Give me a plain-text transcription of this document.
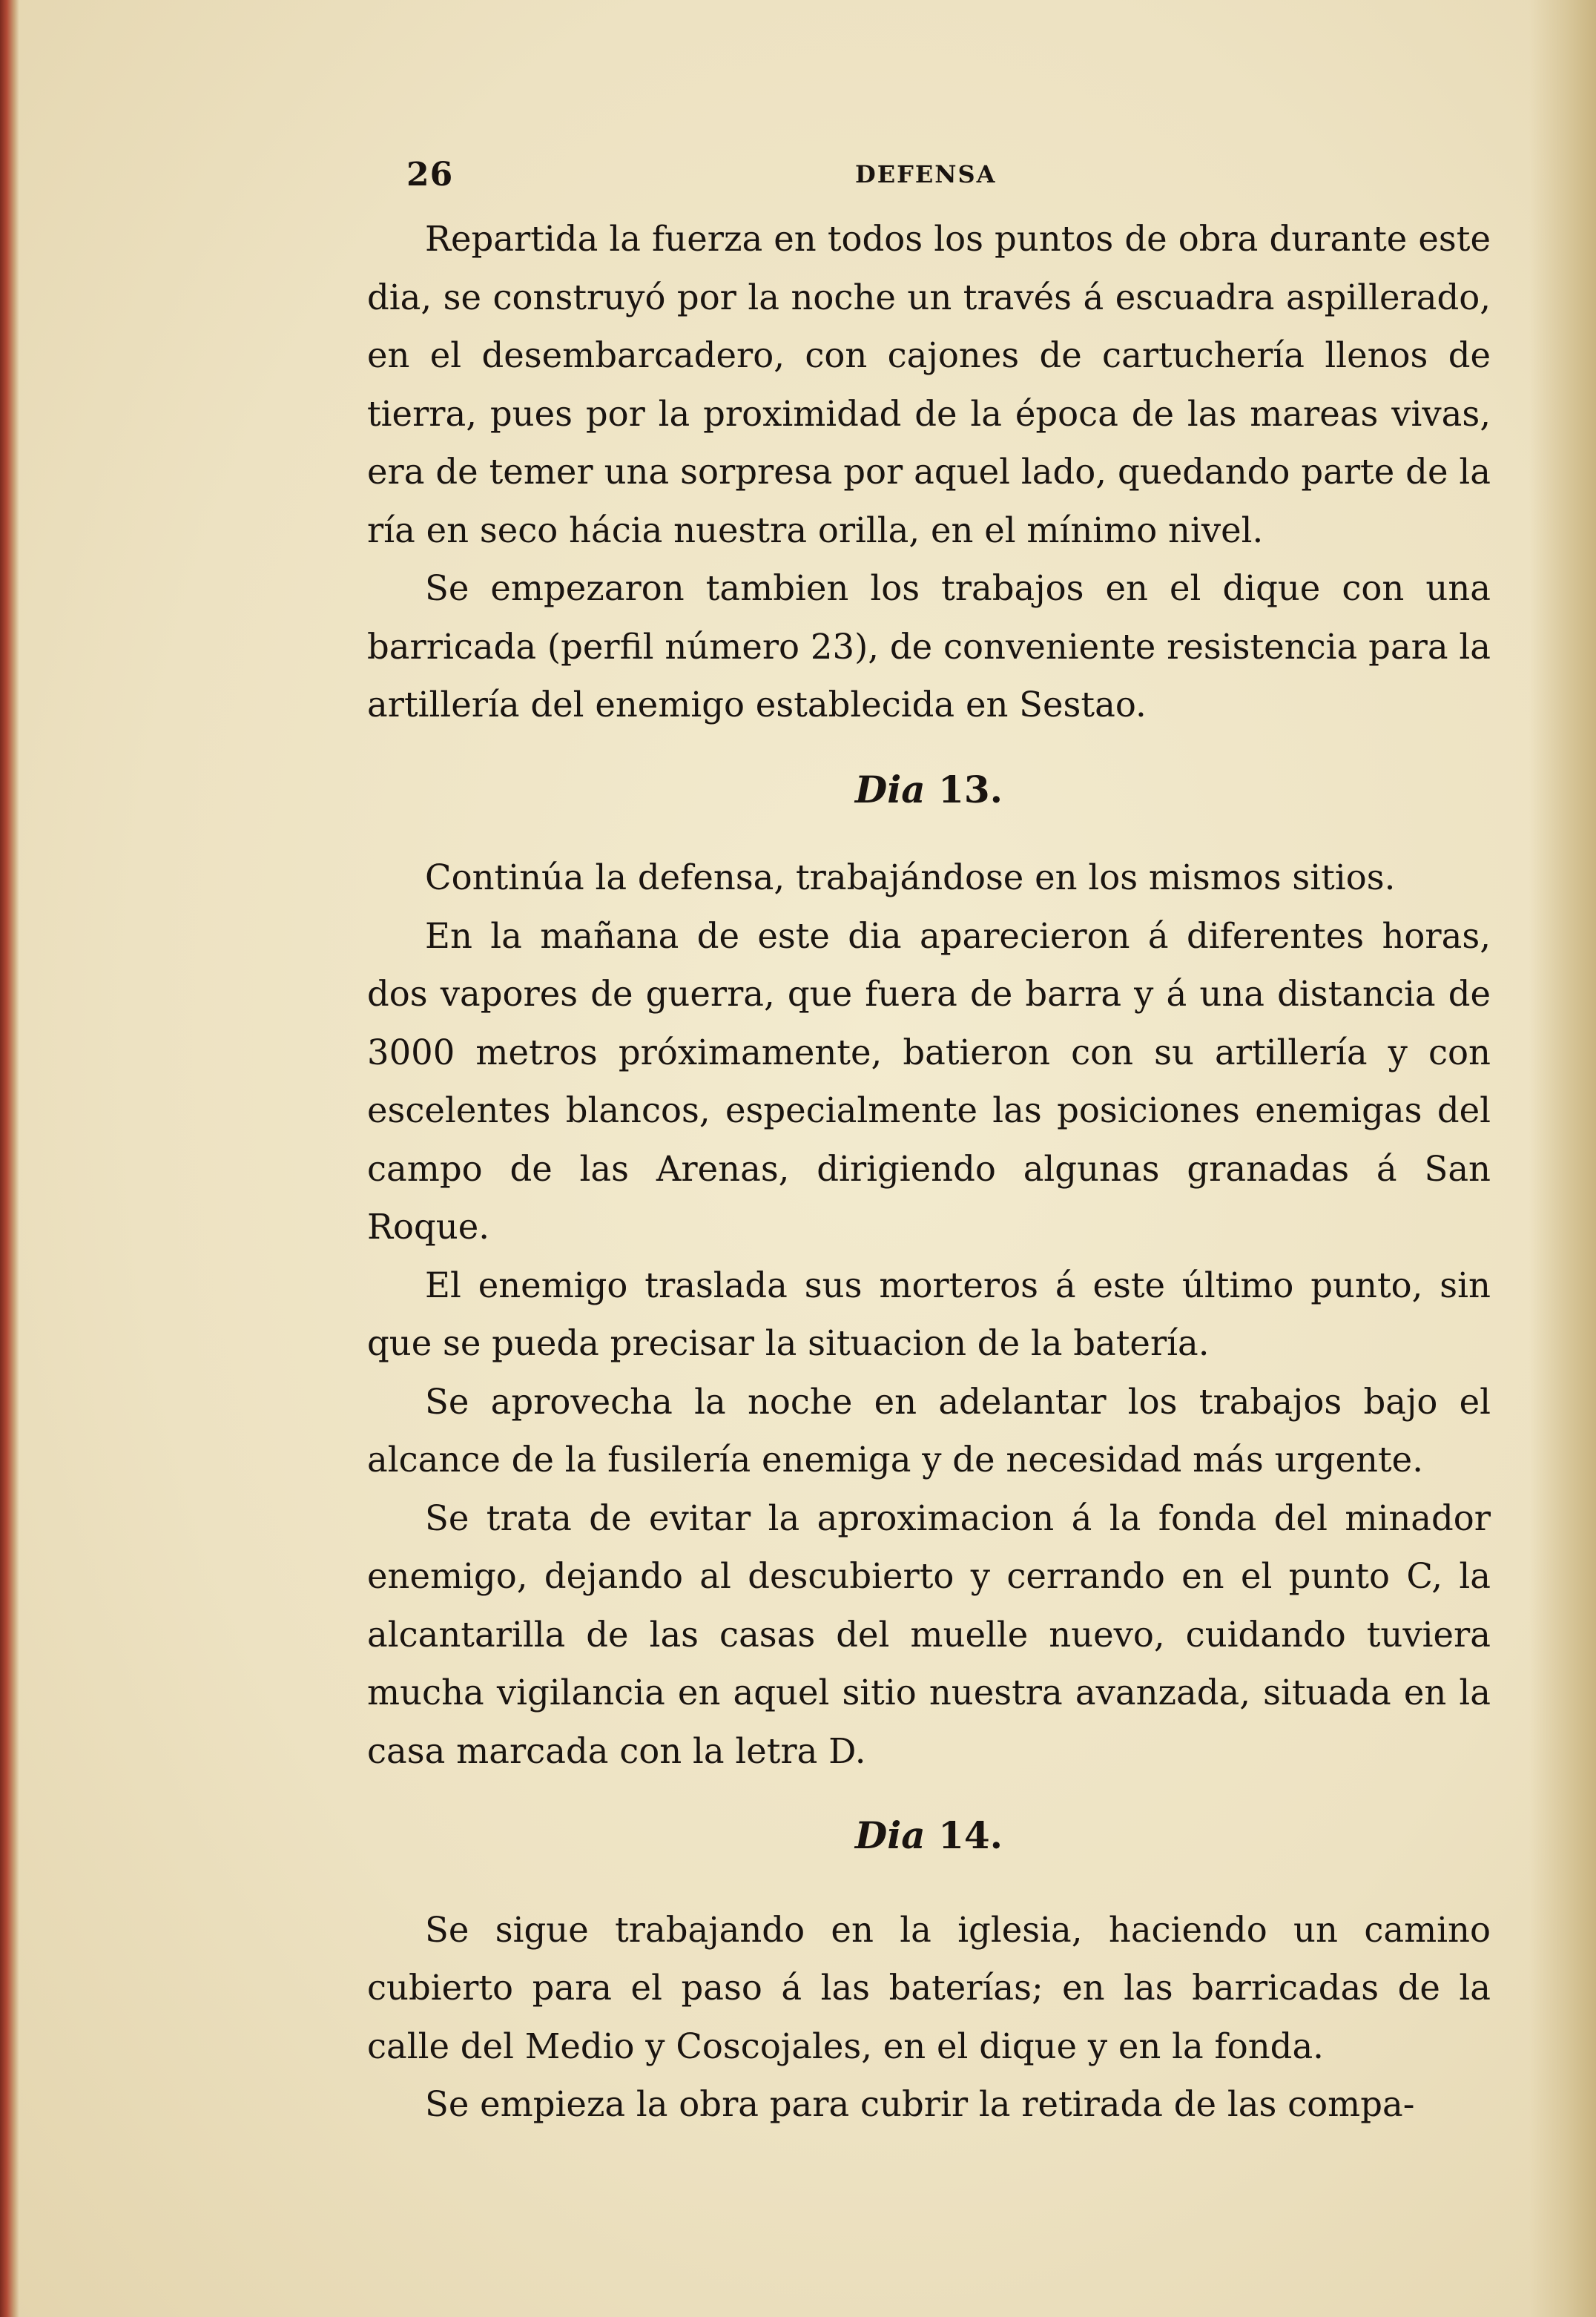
26	DEFENSA

Repartida la fuerza en todos los puntos de obra durante este dia, se construyó por la noche un través á escuadra aspillerado, en el desembarcadero, con cajones de cartuchería llenos de tierra, pues por la proximidad de la época de las mareas vivas, era de temer una sorpresa por aquel lado, quedando parte de la ría en seco hácia nuestra orilla, en el mínimo nivel.

Se empezaron tambien los trabajos en el dique con una barricada (perfil número 23), de conveniente resistencia para la artillería del enemigo establecida en Sestao.

Dia 13.

Continúa la defensa, trabajándose en los mismos sitios.

En la mañana de este dia aparecieron á diferentes horas, dos vapores de guerra, que fuera de barra y á una distancia de 3000 metros próximamente, batieron con su artillería y con escelentes blancos, especialmente las posiciones enemigas del campo de las Arenas, dirigiendo algunas granadas á San Roque.

El enemigo traslada sus morteros á este último punto, sin que se pueda precisar la situacion de la batería.

Se aprovecha la noche en adelantar los trabajos bajo el alcance de la fusilería enemiga y de necesidad más urgente.

Se trata de evitar la aproximacion á la fonda del minador enemigo, dejando al descubierto y cerrando en el punto C, la alcantarilla de las casas del muelle nuevo, cuidando tuviera mucha vigilancia en aquel sitio nuestra avanzada, situada en la casa marcada con la letra D.

Dia 14.

Se sigue trabajando en la iglesia, haciendo un camino cubierto para el paso á las baterías; en las barricadas de la calle del Medio y Coscojales, en el dique y en la fonda.

Se empieza la obra para cubrir la retirada de las compa-
